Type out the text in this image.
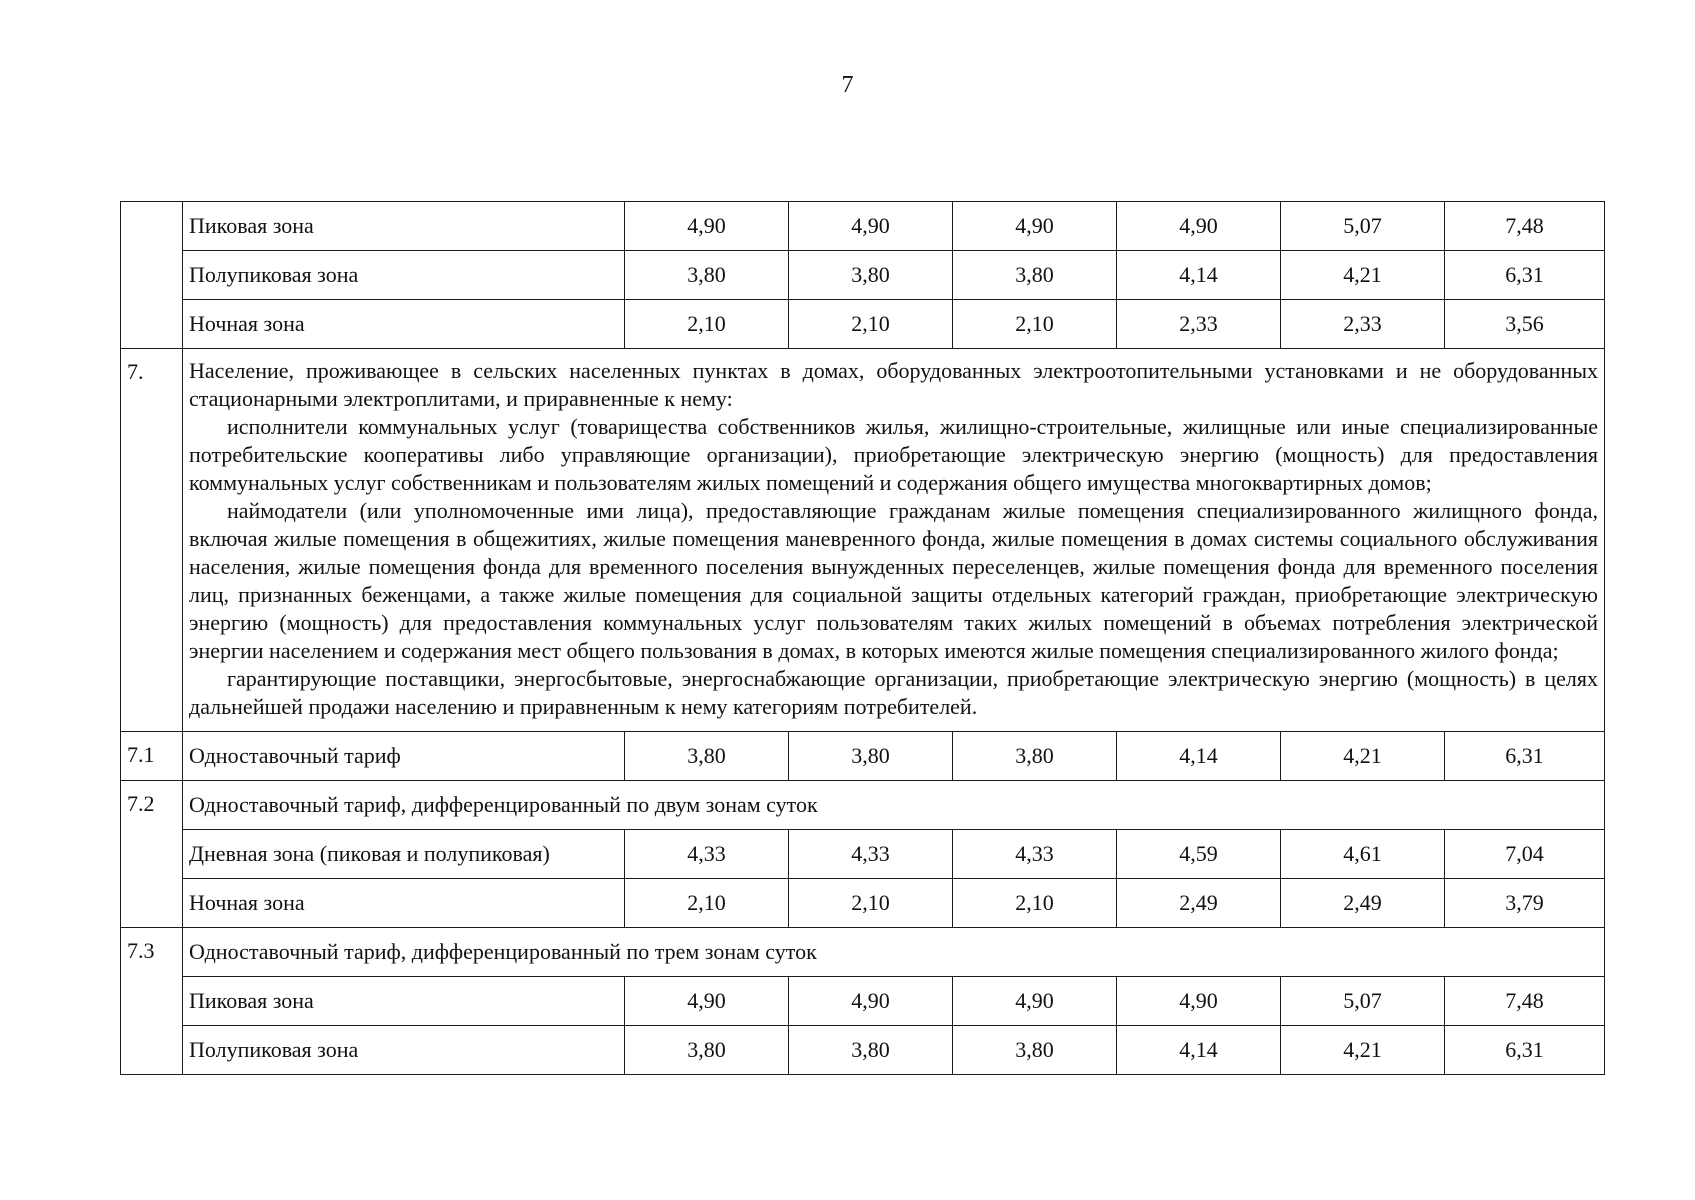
7
	Пиковая зона	4,90	4,90	4,90	4,90	5,07	7,48
	Полупиковая зона	3,80	3,80	3,80	4,14	4,21	6,31
	Ночная зона	2,10	2,10	2,10	2,33	2,33	3,56
7.	Население, проживающее в сельских населенных пунктах в домах, оборудованных электроотопительными установками и не оборудованных стационарными электроплитами, и приравненные к нему:

исполнители коммунальных услуг (товарищества собственников жилья, жилищно-строительные, жилищные или иные специализированные потребительские кооперативы либо управляющие организации), приобретающие электрическую энергию (мощность) для предоставления коммунальных услуг собственникам и пользователям жилых помещений и содержания общего имущества многоквартирных домов;

наймодатели (или уполномоченные ими лица), предоставляющие гражданам жилые помещения специализированного жилищного фонда, включая жилые помещения в общежитиях, жилые помещения маневренного фонда, жилые помещения в домах системы социального обслуживания населения, жилые помещения фонда для временного поселения вынужденных переселенцев, жилые помещения фонда для временного поселения лиц, признанных беженцами, а также жилые помещения для социальной защиты отдельных категорий граждан, приобретающие электрическую энергию (мощность) для предоставления коммунальных услуг пользователям таких жилых помещений в объемах потребления электрической энергии населением и содержания мест общего пользования в домах, в которых имеются жилые помещения специализированного жилого фонда;

гарантирующие поставщики, энергосбытовые, энергоснабжающие организации, приобретающие электрическую энергию (мощность) в целях дальнейшей продажи населению и приравненным к нему категориям потребителей.						

7.1	Одноставочный тариф	3,80	3,80	3,80	4,14	4,21	6,31
7.2	Одноставочный тариф, дифференцированный по двум зонам суток						
	Дневная зона (пиковая и полупиковая)	4,33	4,33	4,33	4,59	4,61	7,04
	Ночная зона	2,10	2,10	2,10	2,49	2,49	3,79
7.3	Одноставочный тариф, дифференцированный по трем зонам суток						
	Пиковая зона	4,90	4,90	4,90	4,90	5,07	7,48
	Полупиковая зона	3,80	3,80	3,80	4,14	4,21	6,31
